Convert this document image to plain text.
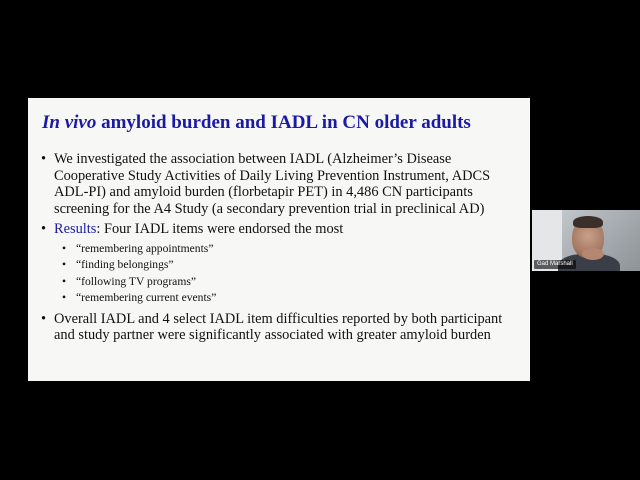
In vivo amyloid burden and IADL in CN older adults
• We investigated the association between IADL (Alzheimer’s Disease Cooperative Study Activities of Daily Living Prevention Instrument, ADCS ADL-PI) and amyloid burden (florbetapir PET) in 4,486 CN participants screening for the A4 Study (a secondary prevention trial in preclinical AD)
• Results: Four IADL items were endorsed the most
• “remembering appointments”
• “finding belongings”
• “following TV programs”
• “remembering current events”
• Overall IADL and 4 select IADL item difficulties reported by both participant and study partner were significantly associated with greater amyloid burden
Gad Marshall
